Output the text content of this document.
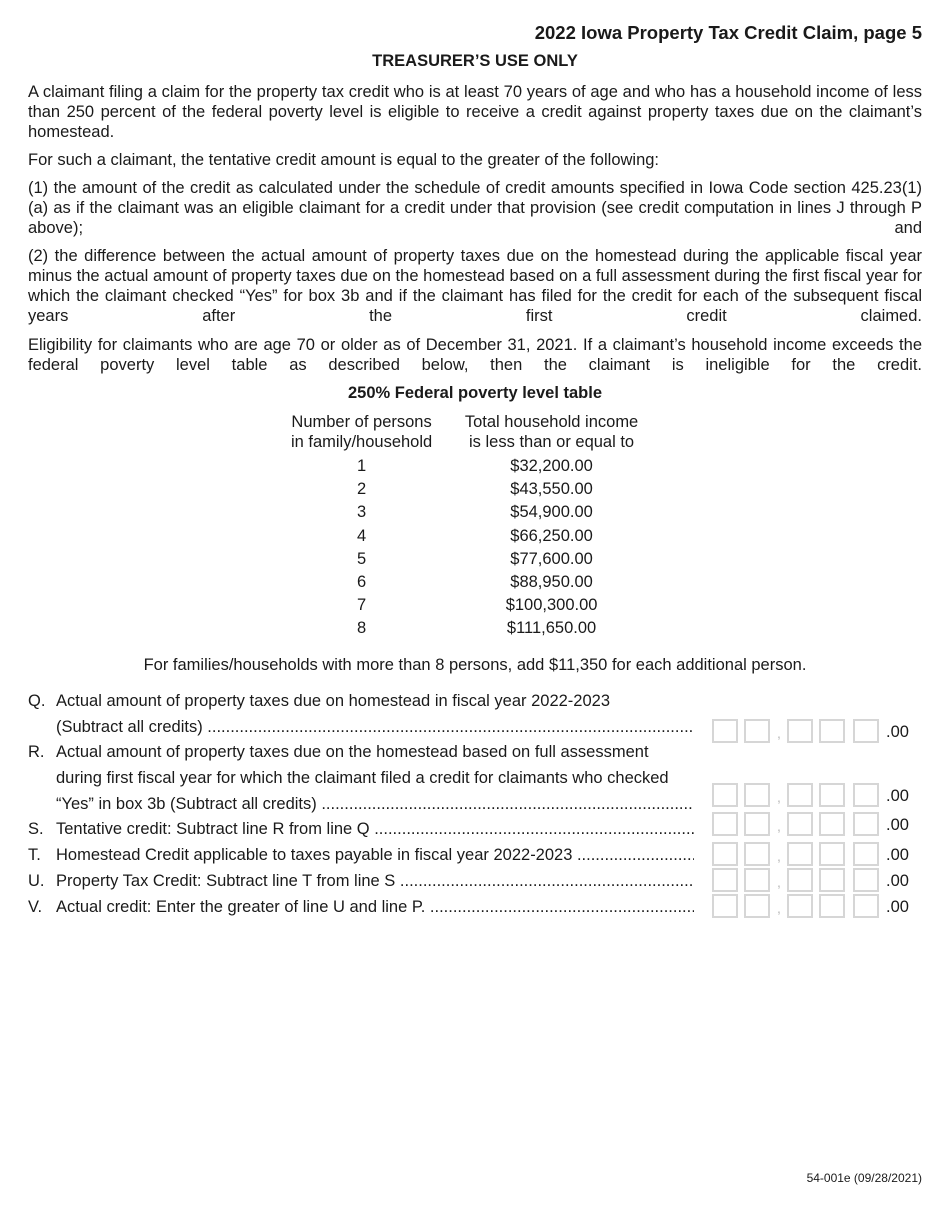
2022 Iowa Property Tax Credit Claim, page 5
TREASURER’S USE ONLY

A claimant filing a claim for the property tax credit who is at least 70 years of age and who has a household income of less than 250 percent of the federal poverty level is eligible to receive a credit against property taxes due on the claimant’s homestead.

For such a claimant, the tentative credit amount is equal to the greater of the following:

(1) the amount of the credit as calculated under the schedule of credit amounts specified in Iowa Code section 425.23(1)(a) as if the claimant was an eligible claimant for a credit under that provision (see credit computation in lines J through P above); and

(2) the difference between the actual amount of property taxes due on the homestead during the applicable fiscal year minus the actual amount of property taxes due on the homestead based on a full assessment during the first fiscal year for which the claimant checked “Yes” for box 3b and if the claimant has filed for the credit for each of the subsequent fiscal years after the first credit claimed.

Eligibility for claimants who are age 70 or older as of December 31, 2021. If a claimant’s household income exceeds the federal poverty level table as described below, then the claimant is ineligible for the credit.

250% Federal poverty level table
Number of persons
in family/household
Total household income
is less than or equal to
1	$32,200.00
2	$43,550.00
3	$54,900.00
4	$66,250.00
5	$77,600.00
6	$88,950.00
7	$100,300.00
8	$111,650.00
For families/households with more than 8 persons, add $11,350 for each additional person.
Q. Actual amount of property taxes due on homestead in fiscal year 2022-2023
(Subtract all credits) .....	,	.00
R. Actual amount of property taxes due on the homestead based on full assessment
during first fiscal year for which the claimant filed a credit for claimants who checked
“Yes” in box 3b (Subtract all credits) .....	,	.00
S. Tentative credit: Subtract line R from line Q .....	,	.00
T. Homestead Credit applicable to taxes payable in fiscal year 2022-2023 .....	,	.00
U. Property Tax Credit: Subtract line T from line S .....	,	.00
V. Actual credit: Enter the greater of line U and line P. .....	,	.00
54-001e (09/28/2021)
